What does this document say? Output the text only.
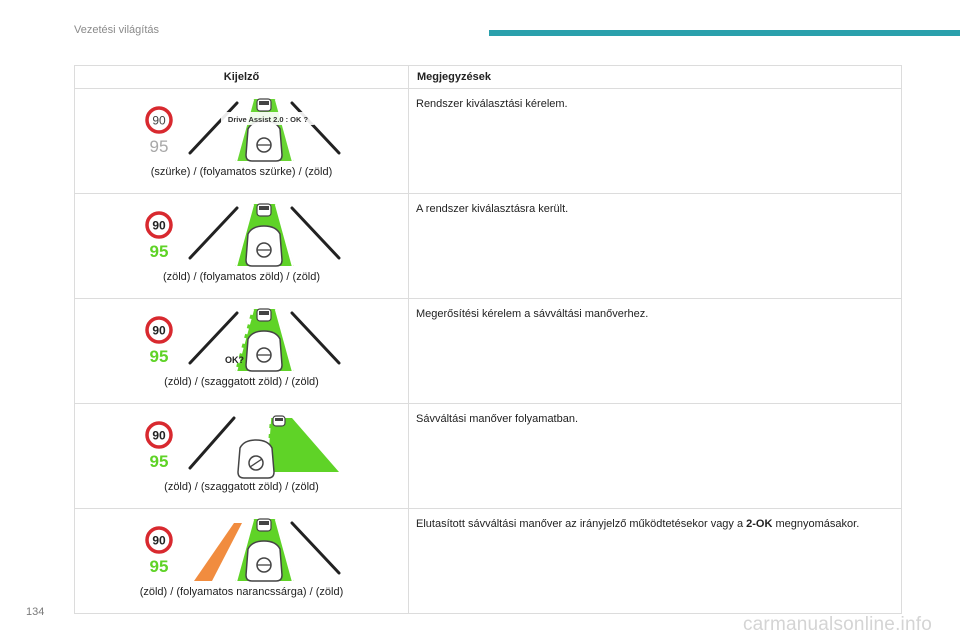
Vezetési világítás
Kijelző	Megjegyzések

90
95
Drive Assist 2.0 : OK ?
(szürke) / (folyamatos szürke) / (zöld)	Rendszer kiválasztási kérelem.

90
95
(zöld) / (folyamatos zöld) / (zöld)	A rendszer kiválasztásra került.

90
95 OK?
(zöld) / (szaggatott zöld) / (zöld)	Megerősítési kérelem a sávváltási manőverhez.

90
95
(zöld) / (szaggatott zöld) / (zöld)	Sávváltási manőver folyamatban.

90
95
(zöld) / (folyamatos narancssárga) / (zöld)	Elutasított sávváltási manőver az irányjelző működtetésekor vagy a 2-OK megnyomásakor.
134
carmanualsonline.info
